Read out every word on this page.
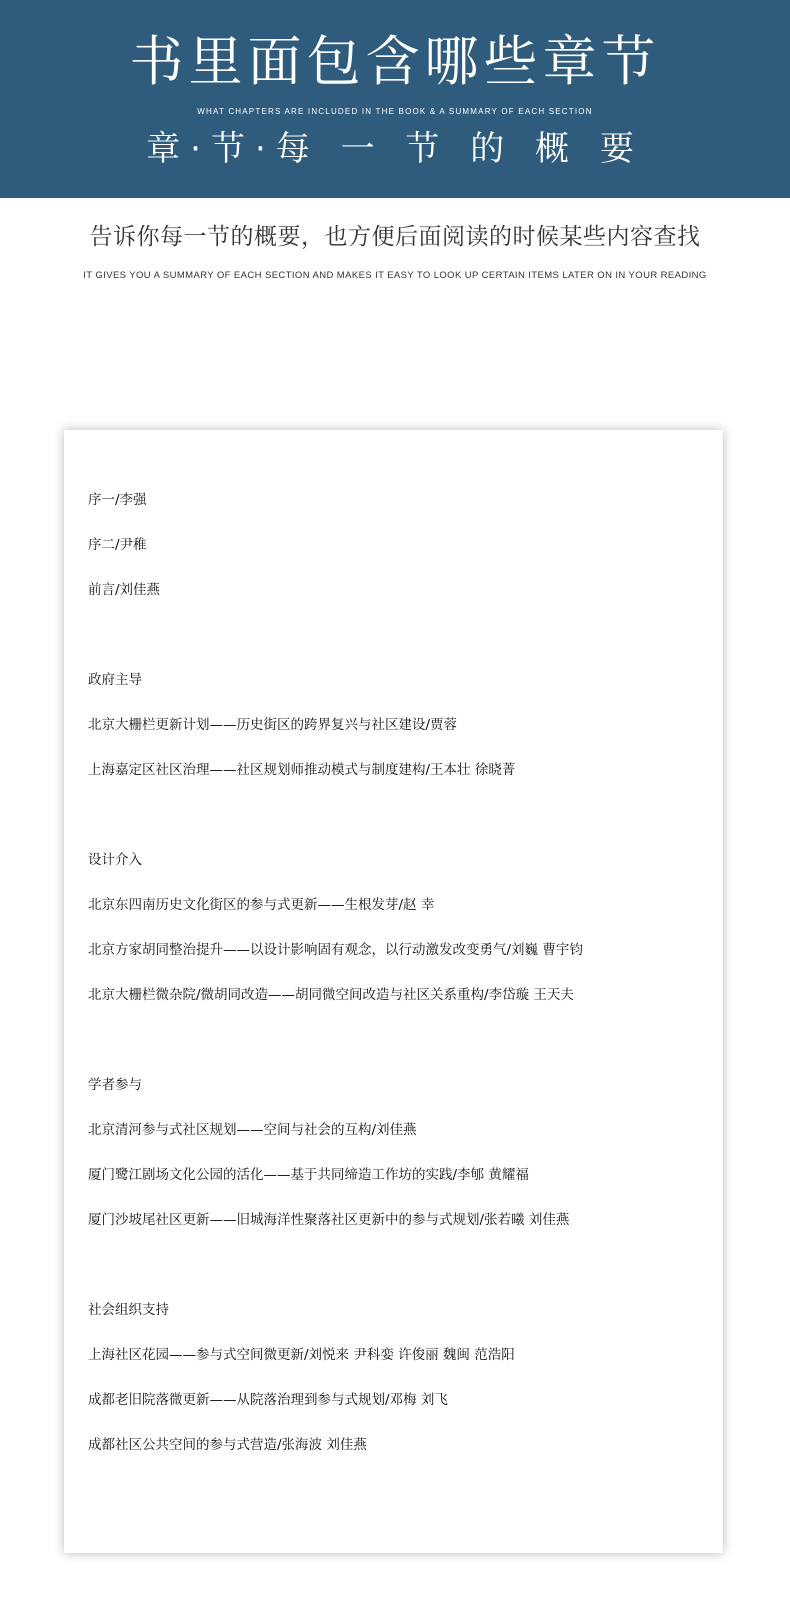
书里面包含哪些章节
WHAT CHAPTERS ARE INCLUDED IN THE BOOK & A SUMMARY OF EACH SECTION
章·节·每 一 节 的 概 要
告诉你每一节的概要，也方便后面阅读的时候某些内容查找
IT GIVES YOU A SUMMARY OF EACH SECTION AND MAKES IT EASY TO LOOK UP CERTAIN ITEMS LATER ON IN YOUR READING
序一/李强
序二/尹稚
前言/刘佳燕
政府主导
北京大栅栏更新计划——历史街区的跨界复兴与社区建设/贾蓉
上海嘉定区社区治理——社区规划师推动模式与制度建构/王本壮 徐晓菁
设计介入
北京东四南历史文化街区的参与式更新——生根发芽/赵 幸
北京方家胡同整治提升——以设计影响固有观念，以行动激发改变勇气/刘巍 曹宇钧
北京大栅栏微杂院/微胡同改造——胡同微空间改造与社区关系重构/李岱璇 王天夫
学者参与
北京清河参与式社区规划——空间与社会的互构/刘佳燕
厦门鹭江剧场文化公园的活化——基于共同缔造工作坊的实践/李郇 黄耀福
厦门沙坡尾社区更新——旧城海洋性聚落社区更新中的参与式规划/张若曦 刘佳燕
社会组织支持
上海社区花园——参与式空间微更新/刘悦来 尹科娈 许俊丽 魏闽 范浩阳
成都老旧院落微更新——从院落治理到参与式规划/邓梅 刘飞
成都社区公共空间的参与式营造/张海波 刘佳燕
